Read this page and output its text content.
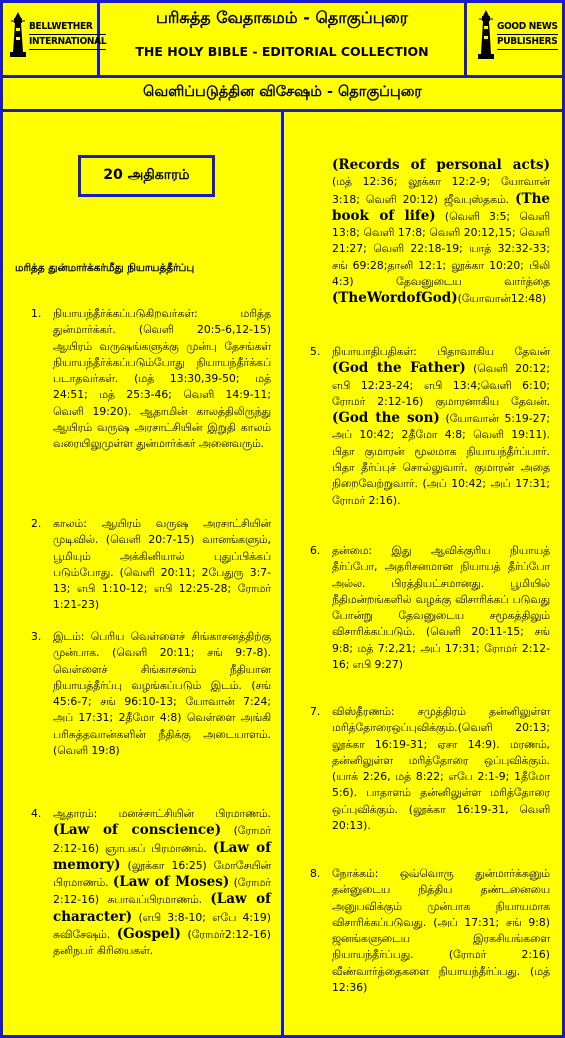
BELLWETHER
INTERNATIONAL
GOOD NEWS
PUBLISHERS
பரிசுத்த வேதாகமம் - தொகுப்புரை
THE HOLY BIBLE - EDITORIAL COLLECTION
வெளிப்படுத்தின விசேஷம் - தொகுப்புரை
20 அதிகாரம்
மரித்த துன்மார்க்கர்மீது நியாயத்தீர்ப்பு
1. நியாயந்தீர்க்கப்படுகிறவர்கள்: மரித்த துன்மார்க்கர். (வெளி 20:5-6,12-15) ஆயிரம் வருஷங்களுக்கு முன்பு தேசங்கள் நியாயந்தீர்க்கப்படும்போது நியாயந்தீர்க்கப் படாதவர்கள். (மத் 13:30,39-50; மத் 24:51; மத் 25:3-46; வெளி 14:9-11; வெளி 19:20). ஆதாமின் காலத்திலிருந்து ஆயிரம் வருஷ அரசாட்சியின் இறுதி காலம் வரையிலுமுள்ள துன்மார்க்கர் அனைவரும்.
2. காலம்: ஆயிரம் வருஷ அரசாட்சியின் முடிவில். (வெளி 20:7-15) வானங்களும், பூமியும் அக்கினியால் புதுப்பிக்கப் படும்போது. (வெளி 20:11; 2பேதுரு 3:7-13; எபி 1:10-12; எபி 12:25-28; ரோமர் 1:21-23)
3. இடம்: பெரிய வெள்ளைச் சிங்காசனத்திற்கு முன்பாக. (வெளி 20:11; சங் 9:7-8). வெள்ளைச் சிங்காசனம் நீதியான நியாயத்தீர்ப்பு வழங்கப்படும் இடம். (சங் 45:6-7; சங் 96:10-13; யோவான் 7:24; அப் 17:31; 2தீமோ 4:8) வெள்ளை அங்கி பரிசுத்தவான்களின் நீதிக்கு அடையாளம். (வெளி 19:8)
4. ஆதாரம்: மனச்சாட்சியின் பிரமாணம். (Law of conscience) (ரோமர் 2:12-16) ஞாபகப் பிரமாணம். (Law of memory) (லூக்கா 16:25) மோசேயின் பிரமாணம். (Law of Moses) (ரோமர் 2:12-16) சுபாவப்பிரமாணம். (Law of character) (எபி 3:8-10; எபே 4:19) சுவிசேஷம். (Gospel) (ரோமர்2:12-16) தனிநபர் கிரியைகள்.
(Records of personal acts) (மத் 12:36; லூக்கா 12:2-9; யோவான் 3:18; வெளி 20:12) ஜீவபுஸ்தகம். (The book of life) (வெளி 3:5; வெளி 13:8; வெளி 17:8; வெளி 20:12,15; வெளி 21:27; வெளி 22:18-19; யாத் 32:32-33; சங் 69:28;தானி 12:1; லூக்கா 10:20; பிலி 4:3) தேவனுடைய வார்த்தை (TheWordofGod)(யோவான்12:48)
5. நியாயாதிபதிகள்: பிதாவாகிய தேவன் (God the Father) (வெளி 20:12; எபி 12:23-24; எபி 13:4;வெளி 6:10; ரோமர் 2:12-16) குமாரனாகிய தேவன். (God the son) (யோவான் 5:19-27; அப் 10:42; 2தீமோ 4:8; வெளி 19:11). பிதா குமாரன் மூலமாக நியாயந்தீர்ப்பார். பிதா தீர்ப்புச் சொல்லுவார். குமாரன் அதை நிறைவேற்றுவார். (அப் 10:42; அப் 17:31; ரோமர் 2:16).
6. தன்மை: இது ஆவிக்குரிய நியாயத் தீர்ப்போ, அதரிசனமான நியாயத் தீர்ப்போ அல்ல. பிரத்தியட்சமானது. பூமியில் நீதிமன்றங்களில் வழக்கு விசாரிக்கப் படுவது போன்று தேவனுடைய சமூகத்திலும் விசாரிக்கப்படும். (வெளி 20:11-15; சங் 9:8; மத் 7:2,21; அப் 17:31; ரோமர் 2:12-16; எபி 9:27)
7. விஸ்தீரணம்: சமுத்திரம் தன்னிலுள்ள மரித்தோரைஒப்புவிக்கும்.(வெளி 20:13; லூக்கா 16:19-31; ஏசா 14:9). மரணம், தன்னிலுள்ள மரித்தோரை ஒப்புவிக்கும். (யாக் 2:26, மத் 8:22; எபே 2:1-9; 1தீமோ 5:6). பாதாளம் தன்னிலுள்ள மரித்தோரை ஒப்புவிக்கும். (லூக்கா 16:19-31, வெளி 20:13).
8. நோக்கம்: ஒவ்வொரு துன்மார்க்கனும் தன்னுடைய நித்திய தண்டனையை அனுபவிக்கும் முன்பாக நியாயமாக விசாரிக்கப்படுவது. (அப் 17:31; சங் 9:8) ஜனங்களுடைய இரகசியங்களை நியாயந்தீர்ப்பது. (ரோமர் 2:16) வீண்வார்த்தைகளை நியாயந்தீர்ப்பது. (மத் 12:36)
